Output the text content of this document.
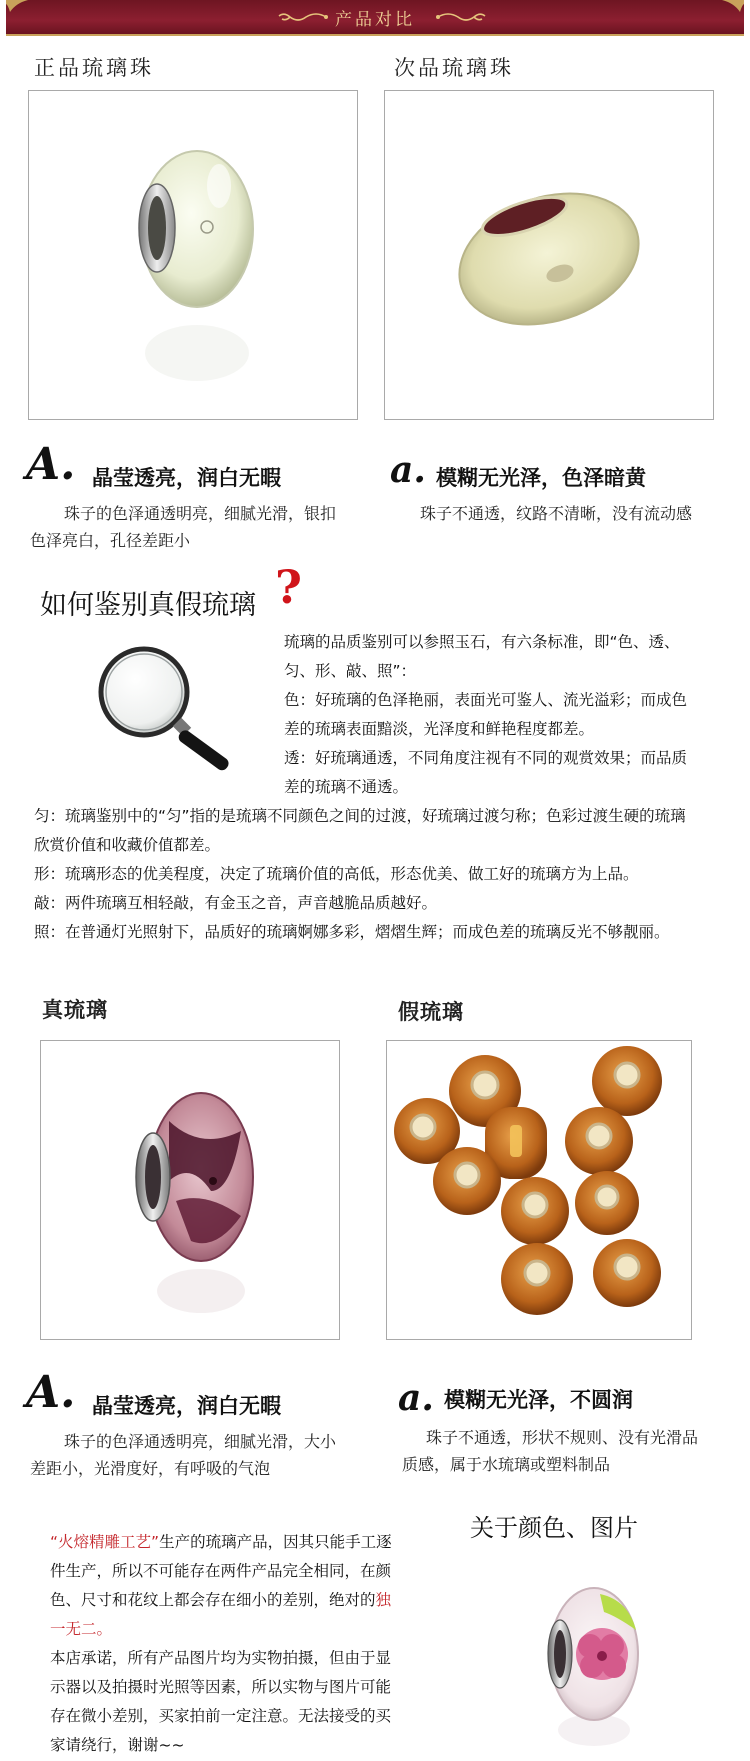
产品对比
正品琉璃珠	次品琉璃珠
A. 晶莹透亮，润白无暇
珠子的色泽通透明亮，细腻光滑，银扣色泽亮白，孔径差距小
a. 模糊无光泽，色泽暗黄
珠子不通透，纹路不清晰，没有流动感
如何鉴别真假琉璃 ?
琉璃的品质鉴别可以参照玉石，有六条标准，即“色、透、匀、形、敲、照”：
色：好琉璃的色泽艳丽，表面光可鉴人、流光溢彩；而成色差的琉璃表面黯淡，光泽度和鲜艳程度都差。
透：好琉璃通透，不同角度注视有不同的观赏效果；而品质差的琉璃不通透。
匀：琉璃鉴别中的“匀”指的是琉璃不同颜色之间的过渡，好琉璃过渡匀称；色彩过渡生硬的琉璃欣赏价值和收藏价值都差。
形：琉璃形态的优美程度，决定了琉璃价值的高低，形态优美、做工好的琉璃方为上品。
敲：两件琉璃互相轻敲，有金玉之音，声音越脆品质越好。
照：在普通灯光照射下，品质好的琉璃婀娜多彩，熠熠生辉；而成色差的琉璃反光不够靓丽。
真琉璃	假琉璃
A. 晶莹透亮，润白无暇
珠子的色泽通透明亮，细腻光滑，大小差距小，光滑度好，有呼吸的气泡
a. 模糊无光泽，不圆润
珠子不通透，形状不规则、没有光滑品质感，属于水琉璃或塑料制品
关于颜色、图片
“火熔精雕工艺”生产的琉璃产品，因其只能手工逐件生产，所以不可能存在两件产品完全相同，在颜色、尺寸和花纹上都会存在细小的差别，绝对的独一无二。
本店承诺，所有产品图片均为实物拍摄，但由于显示器以及拍摄时光照等因素，所以实物与图片可能存在微小差别，买家拍前一定注意。无法接受的买家请绕行，谢谢~~
